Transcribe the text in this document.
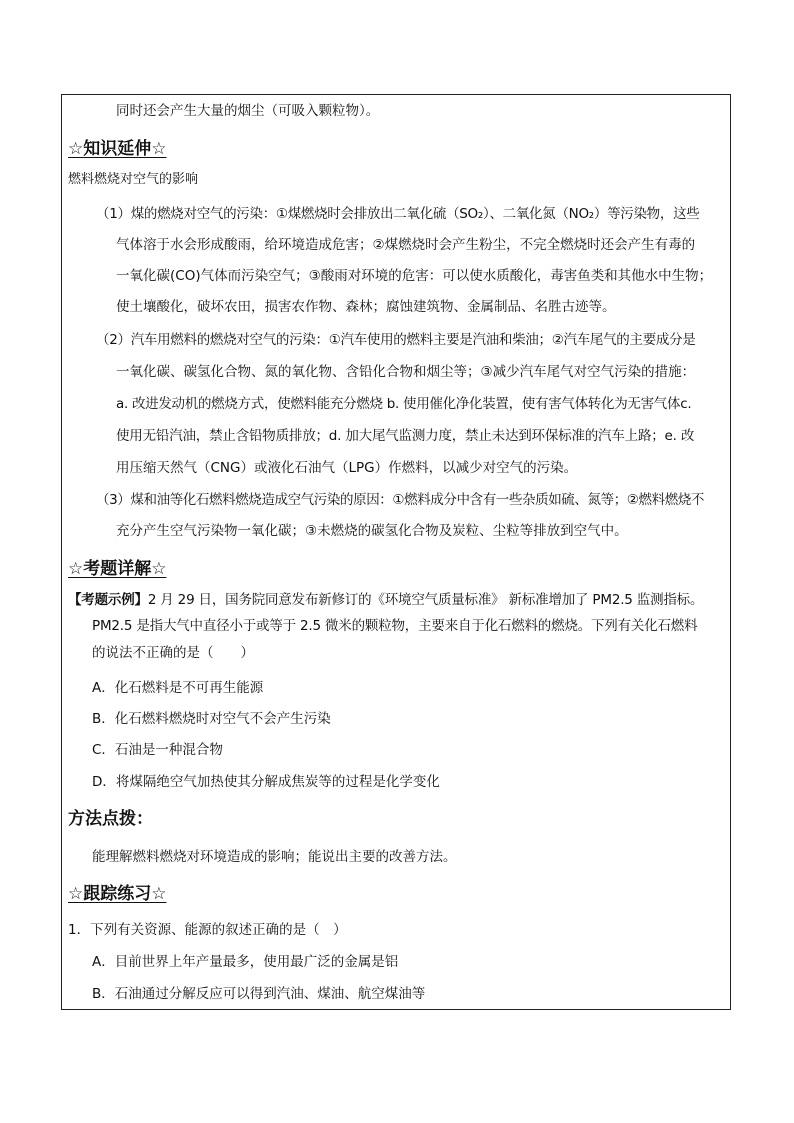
同时还会产生大量的烟尘（可吸入颗粒物）。
☆知识延伸☆
燃料燃烧对空气的影响
（1）煤的燃烧对空气的污染：①煤燃烧时会排放出二氧化硫（SO₂）、二氧化氮（NO₂）等污染物，这些
气体溶于水会形成酸雨，给环境造成危害；②煤燃烧时会产生粉尘，不完全燃烧时还会产生有毒的
一氧化碳(CO)气体而污染空气；③酸雨对环境的危害：可以使水质酸化，毒害鱼类和其他水中生物；
使土壤酸化，破坏农田，损害农作物、森林；腐蚀建筑物、金属制品、名胜古迹等。
（2）汽车用燃料的燃烧对空气的污染：①汽车使用的燃料主要是汽油和柴油；②汽车尾气的主要成分是
一氧化碳、碳氢化合物、氮的氧化物、含铅化合物和烟尘等；③减少汽车尾气对空气污染的措施：
a. 改进发动机的燃烧方式，使燃料能充分燃烧 b. 使用催化净化装置，使有害气体转化为无害气体c.
使用无铅汽油，禁止含铅物质排放；d. 加大尾气监测力度，禁止未达到环保标准的汽车上路；e. 改
用压缩天然气（CNG）或液化石油气（LPG）作燃料，以减少对空气的污染。
（3）煤和油等化石燃料燃烧造成空气污染的原因：①燃料成分中含有一些杂质如硫、氮等；②燃料燃烧不
充分产生空气污染物一氧化碳；③未燃烧的碳氢化合物及炭粒、尘粒等排放到空气中。
☆考题详解☆
【考题示例】2 月 29 日，国务院同意发布新修订的《环境空气质量标准》 新标准增加了 PM2.5 监测指标。
PM2.5 是指大气中直径小于或等于 2.5 微米的颗粒物，主要来自于化石燃料的燃烧。下列有关化石燃料
的说法不正确的是（　　）
A．化石燃料是不可再生能源
B．化石燃料燃烧时对空气不会产生污染
C．石油是一种混合物
D．将煤隔绝空气加热使其分解成焦炭等的过程是化学变化
方法点拨：
能理解燃料燃烧对环境造成的影响；能说出主要的改善方法。
☆跟踪练习☆
1．下列有关资源、能源的叙述正确的是（　）
A．目前世界上年产量最多，使用最广泛的金属是铝
B．石油通过分解反应可以得到汽油、煤油、航空煤油等
